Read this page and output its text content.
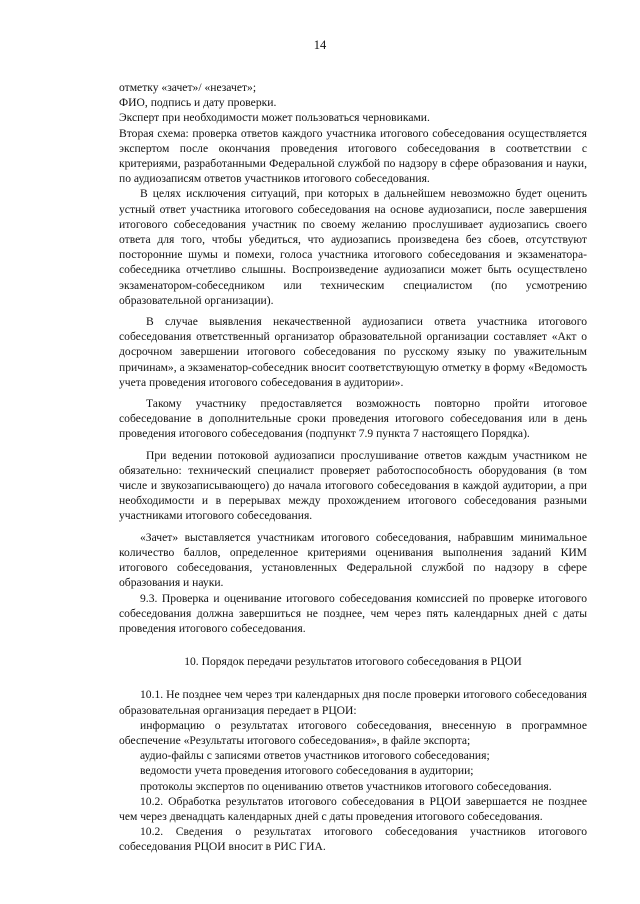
14

отметку «зачет»/ «незачет»;

ФИО, подпись и дату проверки.

Эксперт при необходимости может пользоваться черновиками.

Вторая схема: проверка ответов каждого участника итогового собеседования осуществляется экспертом после окончания проведения итогового собеседования в соответствии с критериями, разработанными Федеральной службой по надзору в сфере образования и науки, по аудиозаписям ответов участников итогового собеседования.

В целях исключения ситуаций, при которых в дальнейшем невозможно будет оценить устный ответ участника итогового собеседования на основе аудиозаписи, после завершения итогового собеседования участник по своему желанию прослушивает аудиозапись своего ответа для того, чтобы убедиться, что аудиозапись произведена без сбоев, отсутствуют посторонние шумы и помехи, голоса участника итогового собеседования и экзаменатора-собеседника отчетливо слышны. Воспроизведение аудиозаписи может быть осуществлено экзаменатором-собеседником или техническим специалистом (по усмотрению образовательной организации).

В случае выявления некачественной аудиозаписи ответа участника итогового собеседования ответственный организатор образовательной организации составляет «Акт о досрочном завершении итогового собеседования по русскому языку по уважительным причинам», а экзаменатор-собеседник вносит соответствующую отметку в форму «Ведомость учета проведения итогового собеседования в аудитории».

Такому участнику предоставляется возможность повторно пройти итоговое собеседование в дополнительные сроки проведения итогового собеседования или в день проведения итогового собеседования (подпункт 7.9 пункта 7 настоящего Порядка).

При ведении потоковой аудиозаписи прослушивание ответов каждым участником не обязательно: технический специалист проверяет работоспособность оборудования (в том числе и звукозаписывающего) до начала итогового собеседования в каждой аудитории, а при необходимости и в перерывах между прохождением итогового собеседования разными участниками итогового собеседования.

«Зачет» выставляется участникам итогового собеседования, набравшим минимальное количество баллов, определенное критериями оценивания выполнения заданий КИМ итогового собеседования, установленных Федеральной службой по надзору в сфере образования и науки.

9.3. Проверка и оценивание итогового собеседования комиссией по проверке итогового собеседования должна завершиться не позднее, чем через пять календарных дней с даты проведения итогового собеседования.

10. Порядок передачи результатов итогового собеседования в РЦОИ

10.1. Не позднее чем через три календарных дня после проверки итогового собеседования образовательная организация передает в РЦОИ:

информацию о результатах итогового собеседования, внесенную в программное обеспечение «Результаты итогового собеседования», в файле экспорта;

аудио-файлы с записями ответов участников итогового собеседования;

ведомости учета проведения итогового собеседования в аудитории;

протоколы экспертов по оцениванию ответов участников итогового собеседования.

10.2. Обработка результатов итогового собеседования в РЦОИ завершается не позднее чем через двенадцать календарных дней с даты проведения итогового собеседования.

10.2. Сведения о результатах итогового собеседования участников итогового собеседования РЦОИ вносит в РИС ГИА.
